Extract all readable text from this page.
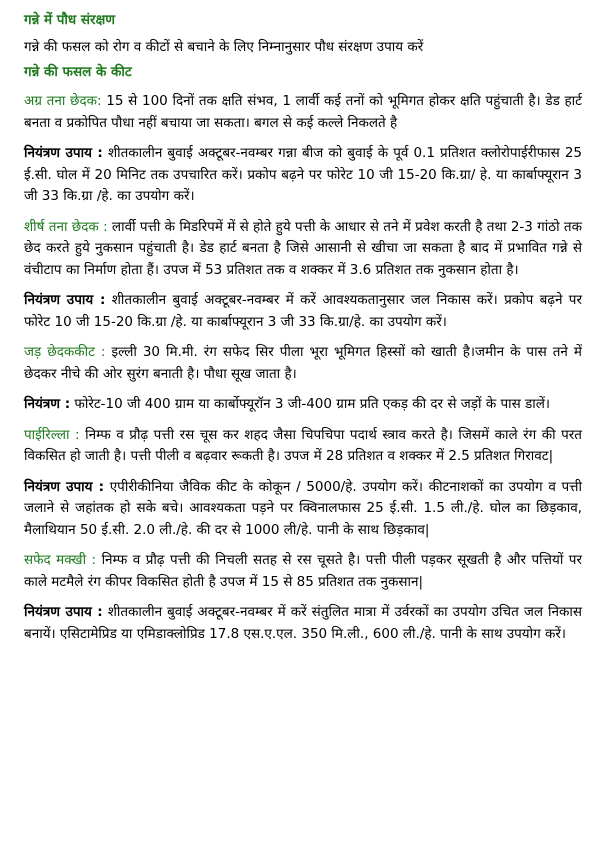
गन्ने में पौध संरक्षण

गन्ने की फसल को रोग व कीटों से बचाने के लिए निम्नानुसार पौध संरक्षण उपाय करें

गन्ने की फसल के कीट

अग्र तना छेदक: 15 से 100 दिनों तक क्षति संभव, 1 लार्वी कई तनों को भूमिगत होकर क्षति पहुंचाती है। डेड हार्ट बनता व प्रकोपित पौधा नहीं बचाया जा सकता। बगल से कई कल्ले निकलते है

नियंत्रण उपाय : शीतकालीन बुवाई अक्टूबर-नवम्बर गन्ना बीज को बुवाई के पूर्व 0.1 प्रतिशत क्लोरोपाईरीफास 25 ई.सी. घोल में 20 मिनिट तक उपचारित करें। प्रकोप बढ़ने पर फोरेट 10 जी 15-20 कि.ग्रा/ हे. या कार्बाफ्यूरान 3 जी 33 कि.ग्रा /हे. का उपयोग करें।

शीर्ष तना छेदक : लार्वी पत्ती के मिडरिपमें में से होते हुये पत्ती के आधार से तने में प्रवेश करती है तथा 2-3 गांठो तक छेद करते हुये नुकसान पहुंचाती है। डेड हार्ट बनता है जिसे आसानी से खीचा जा सकता है बाद में प्रभावित गन्ने से वंचीटाप का निर्माण होता हैं। उपज में 53 प्रतिशत तक व शक्कर में 3.6 प्रतिशत तक नुकसान होता है।

नियंत्रण उपाय : शीतकालीन बुवाई अक्टूबर-नवम्बर में करें आवश्यकतानुसार जल निकास करें। प्रकोप बढ़ने पर फोरेट 10 जी 15-20 कि.ग्रा /हे. या कार्बाफ्यूरान 3 जी 33 कि.ग्रा/हे. का उपयोग करें।

जड़ छेदककीट : इल्ली 30 मि.मी. रंग सफेद सिर पीला भूरा भूमिगत हिस्सों को खाती है।जमीन के पास तने में छेदकर नीचे की ओर सुरंग बनाती है। पौधा सूख जाता है।

नियंत्रण : फोरेट-10 जी 400 ग्राम या कार्बोफ्यूरॉन 3 जी-400 ग्राम प्रति एकड़ की दर से जड़ों के पास डालें।

पाईरिल्ला : निम्फ व प्रौढ़ पत्ती रस चूस कर शहद जैसा चिपचिपा पदार्थ स्त्राव करते है। जिसमें काले रंग की परत विकसित हो जाती है। पत्ती पीली व बढ़वार रूकती है। उपज में 28 प्रतिशत व शक्कर में 2.5 प्रतिशत गिरावट|

नियंत्रण उपाय : एपीरीकीनिया जैविक कीट के कोकून / 5000/हे. उपयोग करें। कीटनाशकों का उपयोग व पत्ती जलाने से जहांतक हो सके बचे। आवश्यकता पड़ने पर क्विनालफास 25 ई.सी. 1.5 ली./हे. घोल का छिड़काव, मैलाथियान 50 ई.सी. 2.0 ली./हे. की दर से 1000 ली/हे. पानी के साथ छिड़काव|

सफेद मक्खी : निम्फ व प्रौढ़ पत्ती की निचली सतह से रस चूसते है। पत्ती पीली पड़कर सूखती है और पत्तियों पर काले मटमैले रंग कीपर विकसित होती है उपज में 15 से 85 प्रतिशत तक नुकसान|

नियंत्रण उपाय : शीतकालीन बुवाई अक्टूबर-नवम्बर में करें संतुलित मात्रा में उर्वरकों का उपयोग उचित जल निकास बनायें। एसिटामेप्रिड या एमिडाक्लोप्रिड 17.8 एस.ए.एल. 350 मि.ली., 600 ली./हे. पानी के साथ उपयोग करें।
